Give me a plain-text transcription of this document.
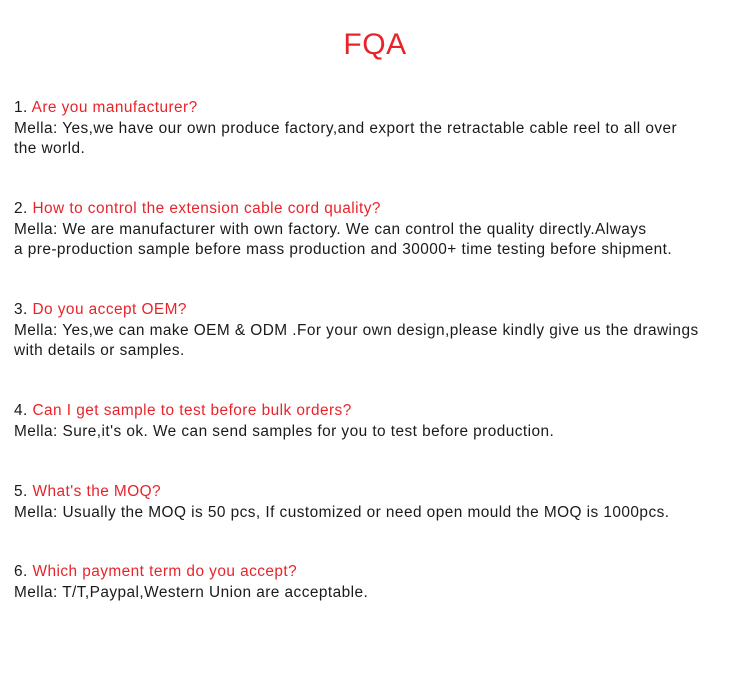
FQA
1. Are you manufacturer?
Mella: Yes,we have our own produce factory,and export the retractable cable reel to all over
the world.
2. How to control the extension cable cord quality?
Mella: We are manufacturer with own factory. We can control the quality directly.Always
a pre-production sample before mass production and 30000+ time testing before shipment.
3. Do you accept OEM?
Mella: Yes,we can make OEM & ODM .For your own design,please kindly give us the drawings
with details or samples.
4. Can I get sample to test before bulk orders?
Mella: Sure,it's ok. We can send samples for you to test before production.
5. What's the MOQ?
Mella: Usually the MOQ is 50 pcs, If customized or need open mould the MOQ is 1000pcs.
6. Which payment term do you accept?
Mella: T/T,Paypal,Western Union are acceptable.
